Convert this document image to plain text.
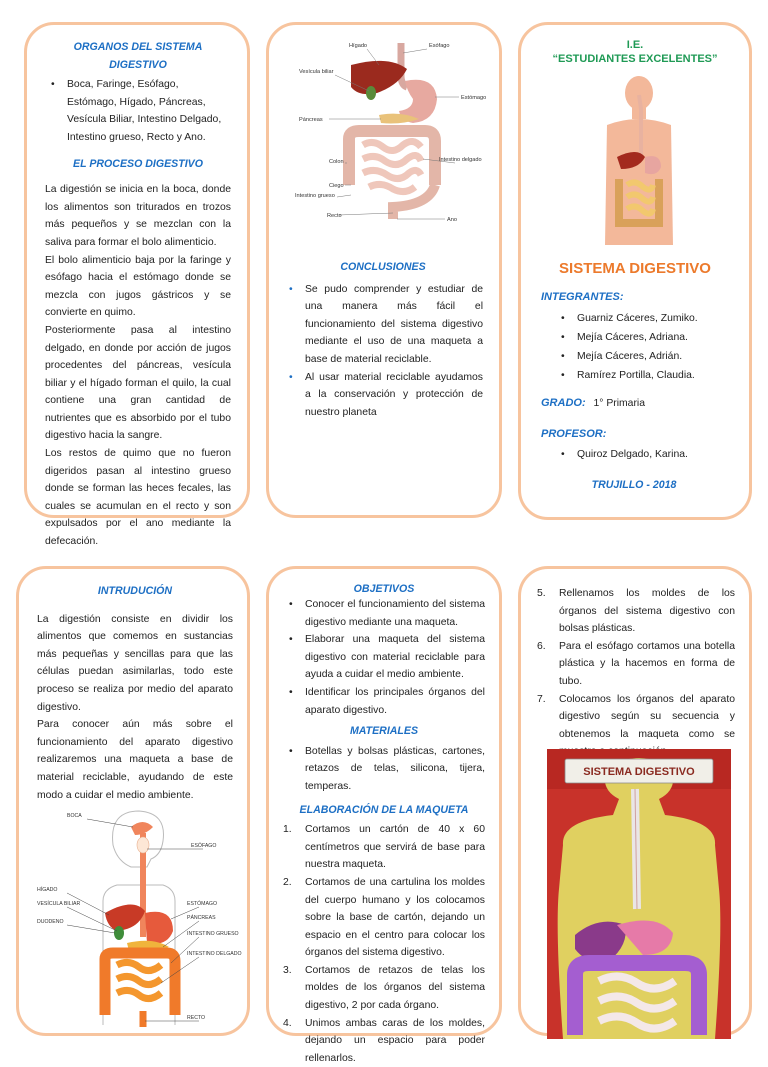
ORGANOS DEL SISTEMA DIGESTIVO
• Boca, Faringe, Esófago, Estómago, Hígado, Páncreas, Vesícula Biliar, Intestino Delgado, Intestino grueso, Recto y Ano.
EL PROCESO DIGESTIVO

La digestión se inicia en la boca, donde los alimentos son triturados en trozos más pequeños y se mezclan con la saliva para formar el bolo alimenticio.

El bolo alimenticio baja por la faringe y esófago hacia el estómago donde se mezcla con jugos gástricos y se convierte en quimo.

Posteriormente pasa al intestino delgado, en donde por acción de jugos procedentes del páncreas, vesícula biliar y el hígado forman el quilo, la cual contiene una gran cantidad de nutrientes que es absorbido por el tubo digestivo hacia la sangre.

Los restos de quimo que no fueron digeridos pasan al intestino grueso donde se forman las heces fecales, las cuales se acumulan en el recto y son expulsados por el ano mediante la defecación.

Hígado	Esófago
Vesícula biliar
Estómago
Páncreas
Intestino delgado
Colon
Ciego
Intestino grueso
Recto
Ano
CONCLUSIONES
• Se pudo comprender y estudiar de una manera más fácil el funcionamiento del sistema digestivo mediante el uso de una maqueta a base de material reciclable.
• Al usar material reciclable ayudamos a la conservación y protección de nuestro planeta
I.E.
“ESTUDIANTES EXCELENTES”
SISTEMA DIGESTIVO
INTEGRANTES:
• Guarniz Cáceres, Zumiko.
• Mejía Cáceres, Adriana.
• Mejía Cáceres, Adrián.
• Ramírez Portilla, Claudia.
GRADO: 1° Primaria
PROFESOR:
• Quiroz Delgado, Karina.
TRUJILLO - 2018
INTRUDUCIÓN

La digestión consiste en dividir los alimentos que comemos en sustancias más pequeñas y sencillas para que las células puedan asimilarlas, todo este proceso se realiza por medio del aparato digestivo.

Para conocer aún más sobre el funcionamiento del aparato digestivo realizaremos una maqueta a base de material reciclable, ayudando de este modo a cuidar el medio ambiente.

BOCA
ESÓFAGO
HÍGADO
VESÍCULA BILIAR
DUODENO
ESTÓMAGO
PÁNCREAS
INTESTINO GRUESO
INTESTINO DELGADO
RECTO
OBJETIVOS
• Conocer el funcionamiento del sistema digestivo mediante una maqueta.
• Elaborar una maqueta del sistema digestivo con material reciclable para ayuda a cuidar el medio ambiente.
• Identificar los principales órganos del aparato digestivo.
MATERIALES
• Botellas y bolsas plásticas, cartones, retazos de telas, silicona, tijera, temperas.
ELABORACIÓN DE LA MAQUETA
1. Cortamos un cartón de 40 x 60 centímetros que servirá de base para nuestra maqueta.
2. Cortamos de una cartulina los moldes del cuerpo humano y los colocamos sobre la base de cartón, dejando un espacio en el centro para colocar los órganos del sistema digestivo.
3. Cortamos de retazos de telas los moldes de los órganos del sistema digestivo, 2 por cada órgano.
4. Unimos ambas caras de los moldes, dejando un espacio para poder rellenarlos.
5. Rellenamos los moldes de los órganos del sistema digestivo con bolsas plásticas.
6. Para el esófago cortamos una botella plástica y la hacemos en forma de tubo.
7. Colocamos los órganos del aparato digestivo según su secuencia y obtenemos la maqueta como se
SISTEMA DIGESTIVO
